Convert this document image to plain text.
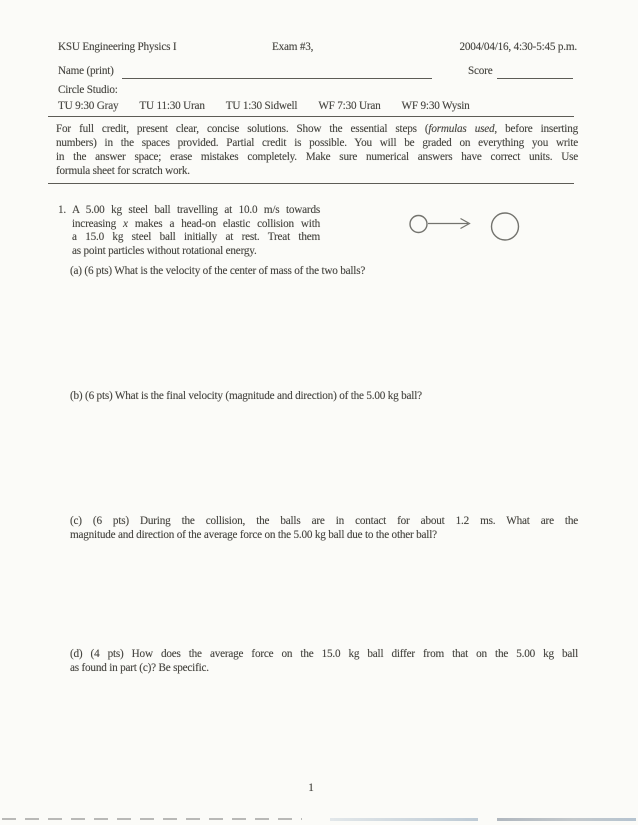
KSU Engineering Physics I	Exam #3,	2004/04/16, 4:30-5:45 p.m.
Name (print)	Score
Circle Studio:
TU 9:30 Gray TU 11:30 Uran TU 1:30 Sidwell WF 7:30 Uran WF 9:30 Wysin
For full credit, present clear, concise solutions. Show the essential steps (formulas used, before inserting
numbers) in the spaces provided. Partial credit is possible. You will be graded on everything you write
in the answer space; erase mistakes completely. Make sure numerical answers have correct units. Use
formula sheet for scratch work.
1. A 5.00 kg steel ball travelling at 10.0 m/s towards
increasing x makes a head-on elastic collision with
a 15.0 kg steel ball initially at rest. Treat them
as point particles without rotational energy.
(a) (6 pts) What is the velocity of the center of mass of the two balls?
(b) (6 pts) What is the final velocity (magnitude and direction) of the 5.00 kg ball?
(c) (6 pts) During the collision, the balls are in contact for about 1.2 ms. What are the
magnitude and direction of the average force on the 5.00 kg ball due to the other ball?
(d) (4 pts) How does the average force on the 15.0 kg ball differ from that on the 5.00 kg ball
as found in part (c)? Be specific.
1
